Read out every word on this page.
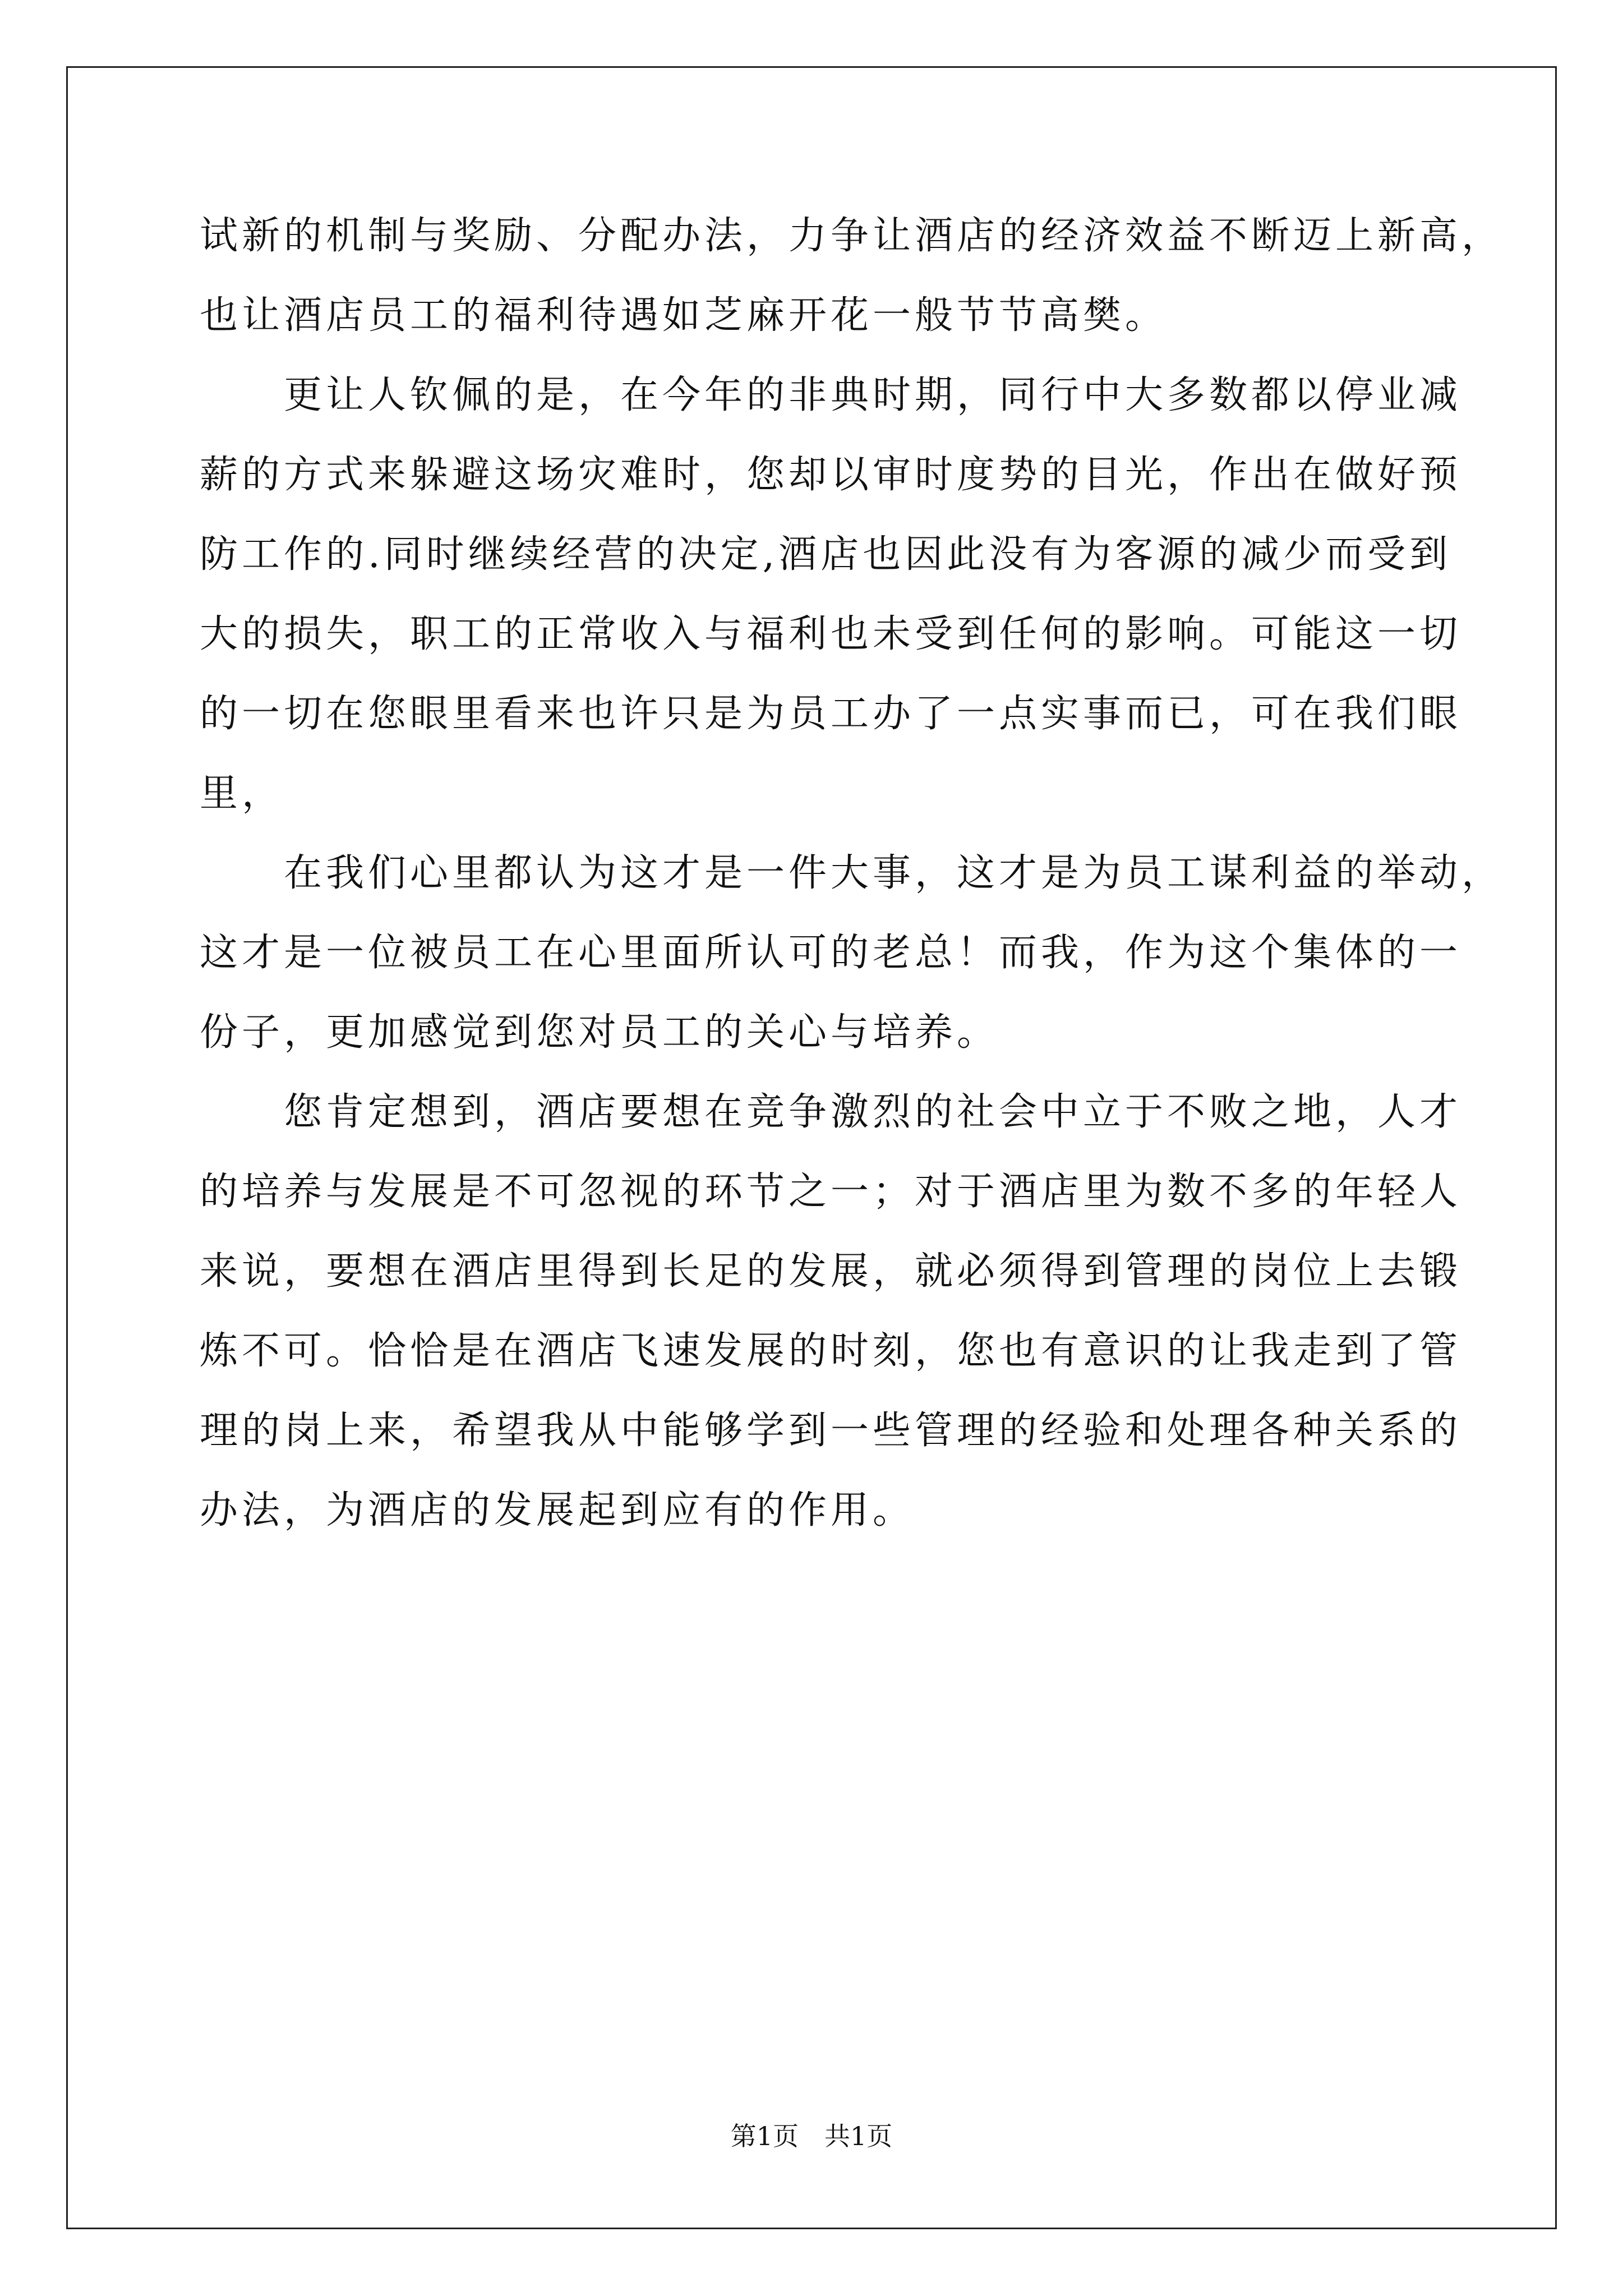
试新的机制与奖励、分配办法，力争让酒店的经济效益不断迈上新高，
也让酒店员工的福利待遇如芝麻开花一般节节高樊。
　　更让人钦佩的是，在今年的非典时期，同行中大多数都以停业减
薪的方式来躲避这场灾难时，您却以审时度势的目光，作出在做好预
防工作的.同时继续经营的决定,酒店也因此没有为客源的减少而受到
大的损失，职工的正常收入与福利也未受到任何的影响。可能这一切
的一切在您眼里看来也许只是为员工办了一点实事而已，可在我们眼
里，
　　在我们心里都认为这才是一件大事，这才是为员工谋利益的举动，
这才是一位被员工在心里面所认可的老总！而我，作为这个集体的一
份子，更加感觉到您对员工的关心与培养。
　　您肯定想到，酒店要想在竞争激烈的社会中立于不败之地，人才
的培养与发展是不可忽视的环节之一；对于酒店里为数不多的年轻人
来说，要想在酒店里得到长足的发展，就必须得到管理的岗位上去锻
炼不可。恰恰是在酒店飞速发展的时刻，您也有意识的让我走到了管
理的岗上来，希望我从中能够学到一些管理的经验和处理各种关系的
办法，为酒店的发展起到应有的作用。
第1页　共1页
